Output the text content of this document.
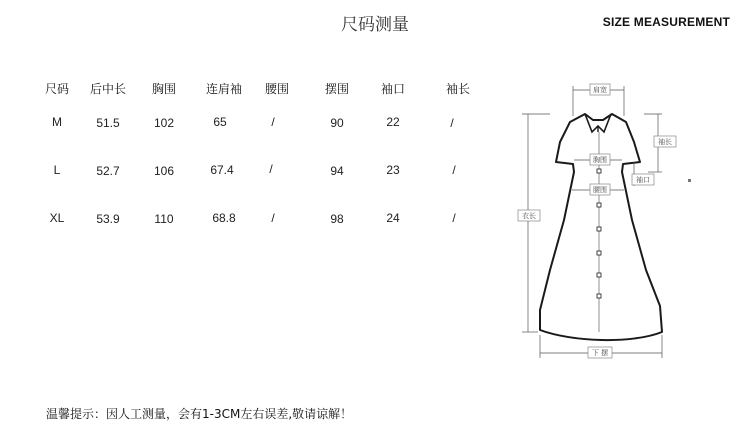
尺码测量	SIZE MEASUREMENT
尺码 后中长 胸围 连肩袖 腰围	摆围	袖口	袖长
M	51.5	102	65	/	90	22	/
L	52.7	106	67.4	/	94	23	/
XL	53.9	110	68.8	/	98	24	/
肩宽
胸围
腰围
袖长
袖口
衣长
下 摆
温馨提示：因人工测量，会有1-3CM左右误差,敬请谅解！
